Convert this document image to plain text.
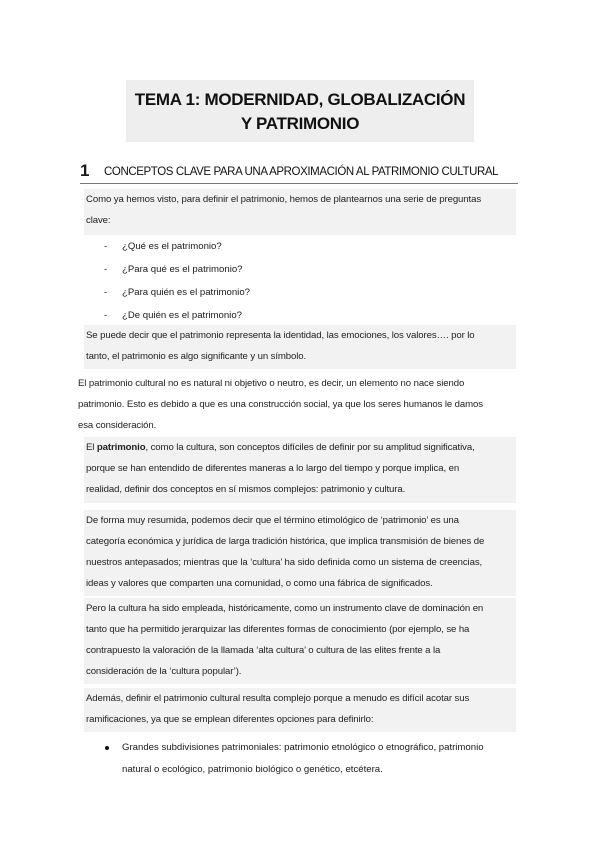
TEMA 1: MODERNIDAD, GLOBALIZACIÓN
Y PATRIMONIO
1 CONCEPTOS CLAVE PARA UNA APROXIMACIÓN AL PATRIMONIO CULTURAL
Como ya hemos visto, para definir el patrimonio, hemos de plantearnos una serie de preguntas
clave:
- ¿Qué es el patrimonio?
- ¿Para qué es el patrimonio?
- ¿Para quién es el patrimonio?
- ¿De quién es el patrimonio?
Se puede decir que el patrimonio representa la identidad, las emociones, los valores…. por lo
tanto, el patrimonio es algo significante y un símbolo.
El patrimonio cultural no es natural ni objetivo o neutro, es decir, un elemento no nace siendo
patrimonio. Esto es debido a que es una construcción social, ya que los seres humanos le damos
esa consideración.
El patrimonio, como la cultura, son conceptos difíciles de definir por su amplitud significativa,
porque se han entendido de diferentes maneras a lo largo del tiempo y porque implica, en
realidad, definir dos conceptos en sí mismos complejos: patrimonio y cultura.
De forma muy resumida, podemos decir que el término etimológico de ‘patrimonio’ es una
categoría económica y jurídica de larga tradición histórica, que implica transmisión de bienes de
nuestros antepasados; mientras que la ‘cultura’ ha sido definida como un sistema de creencias,
ideas y valores que comparten una comunidad, o como una fábrica de significados.
Pero la cultura ha sido empleada, históricamente, como un instrumento clave de dominación en
tanto que ha permitido jerarquizar las diferentes formas de conocimiento (por ejemplo, se ha
contrapuesto la valoración de la llamada ‘alta cultura’ o cultura de las elites frente a la
consideración de la ‘cultura popular’).
Además, definir el patrimonio cultural resulta complejo porque a menudo es difícil acotar sus
ramificaciones, ya que se emplean diferentes opciones para definirlo:
Grandes subdivisiones patrimoniales: patrimonio etnológico o etnográfico, patrimonio
natural o ecológico, patrimonio biológico o genético, etcétera.
